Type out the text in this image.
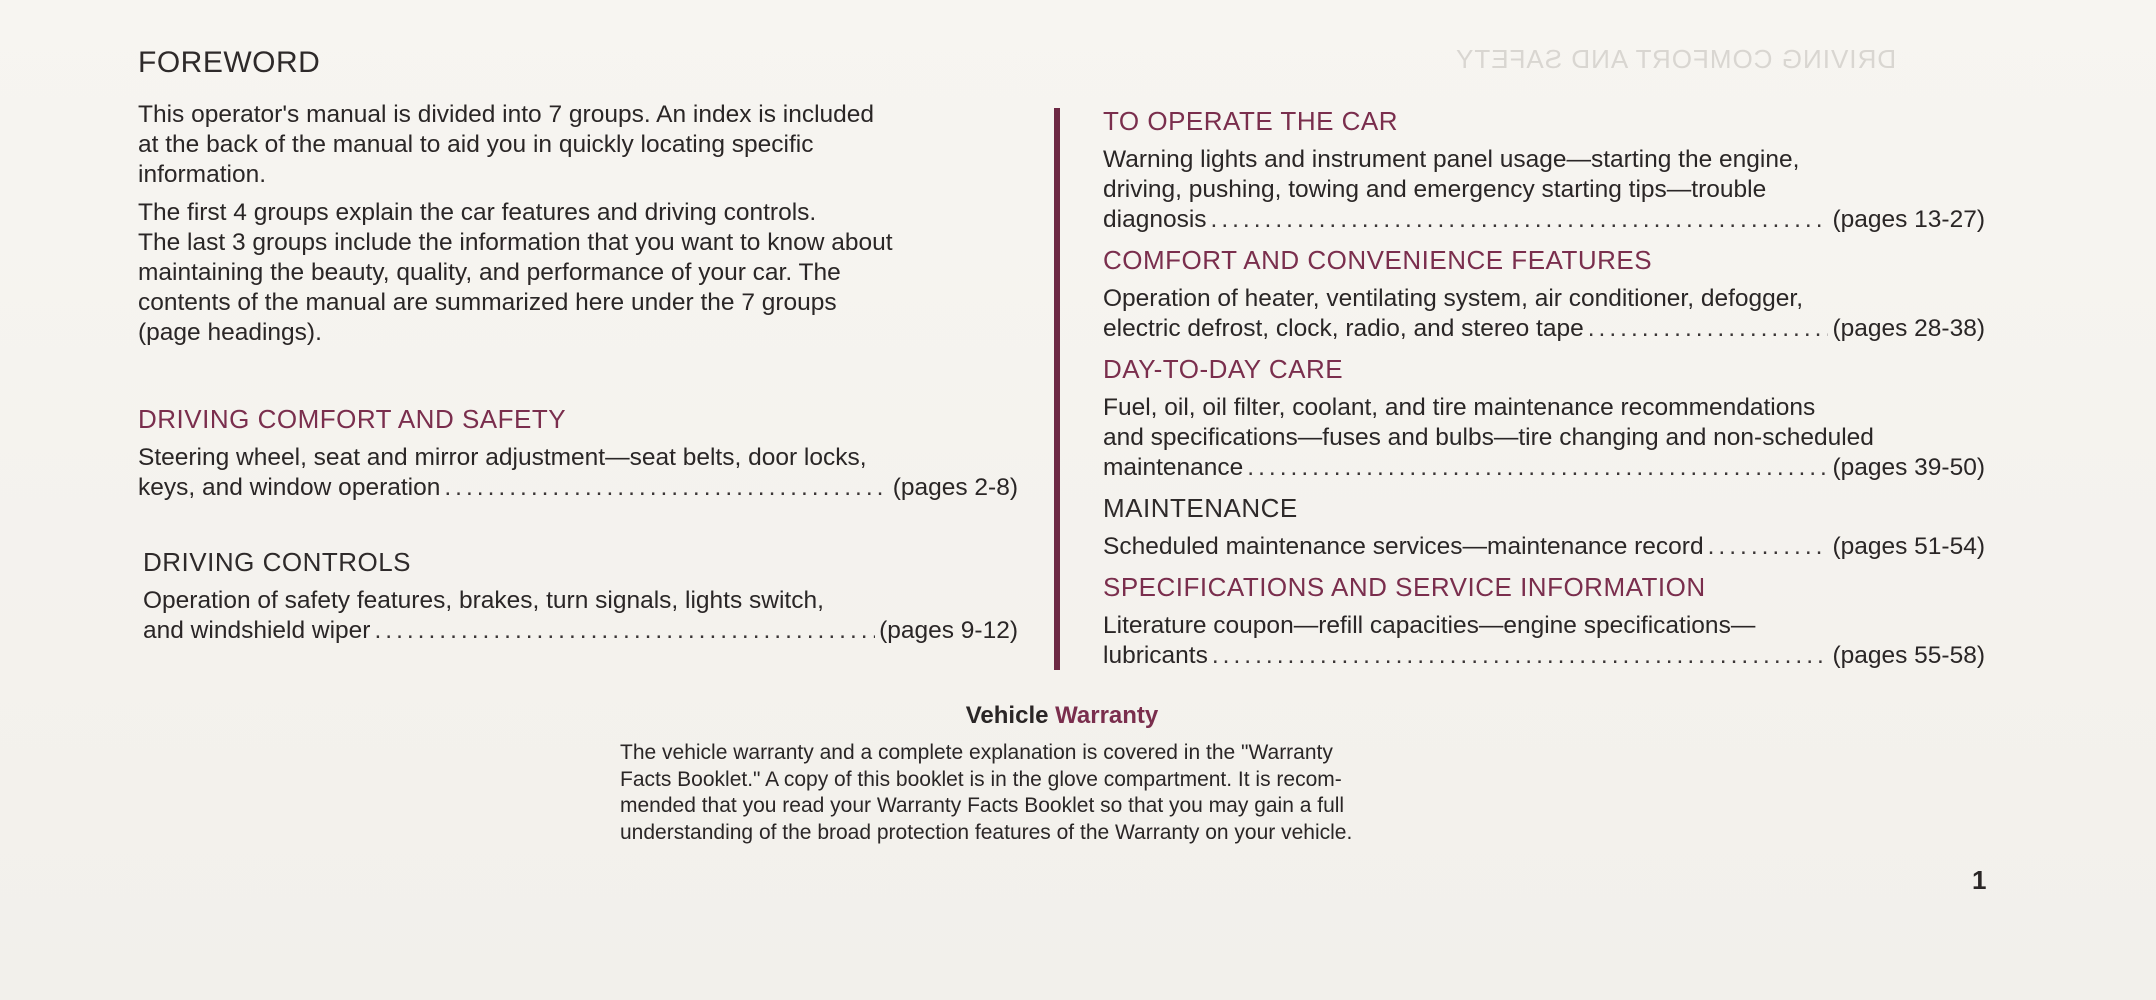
DRIVING COMFORT AND SAFETY
FOREWORD

This operator's manual is divided into 7 groups. An index is included
at the back of the manual to aid you in quickly locating specific
information.

The first 4 groups explain the car features and driving controls.
The last 3 groups include the information that you want to know about
maintaining the beauty, quality, and performance of your car. The
contents of the manual are summarized here under the 7 groups
(page headings).

DRIVING COMFORT AND SAFETY
Steering wheel, seat and mirror adjustment—seat belts, door locks,
keys, and window operation .....	(pages 2-8)
DRIVING CONTROLS
Operation of safety features, brakes, turn signals, lights switch,
and windshield wiper .....	(pages 9-12)
TO OPERATE THE CAR
Warning lights and instrument panel usage—starting the engine,
driving, pushing, towing and emergency starting tips—trouble
diagnosis .....	(pages 13-27)
COMFORT AND CONVENIENCE FEATURES
Operation of heater, ventilating system, air conditioner, defogger,
electric defrost, clock, radio, and stereo tape .....	(pages 28-38)
DAY-TO-DAY CARE
Fuel, oil, oil filter, coolant, and tire maintenance recommendations
and specifications—fuses and bulbs—tire changing and non-scheduled
maintenance .....	(pages 39-50)
MAINTENANCE
Scheduled maintenance services—maintenance record .....	(pages 51-54)
SPECIFICATIONS AND SERVICE INFORMATION
Literature coupon—refill capacities—engine specifications—
lubricants .....	(pages 55-58)
Vehicle Warranty
The vehicle warranty and a complete explanation is covered in the "Warranty
Facts Booklet." A copy of this booklet is in the glove compartment. It is recom-
mended that you read your Warranty Facts Booklet so that you may gain a full
understanding of the broad protection features of the Warranty on your vehicle.
1
